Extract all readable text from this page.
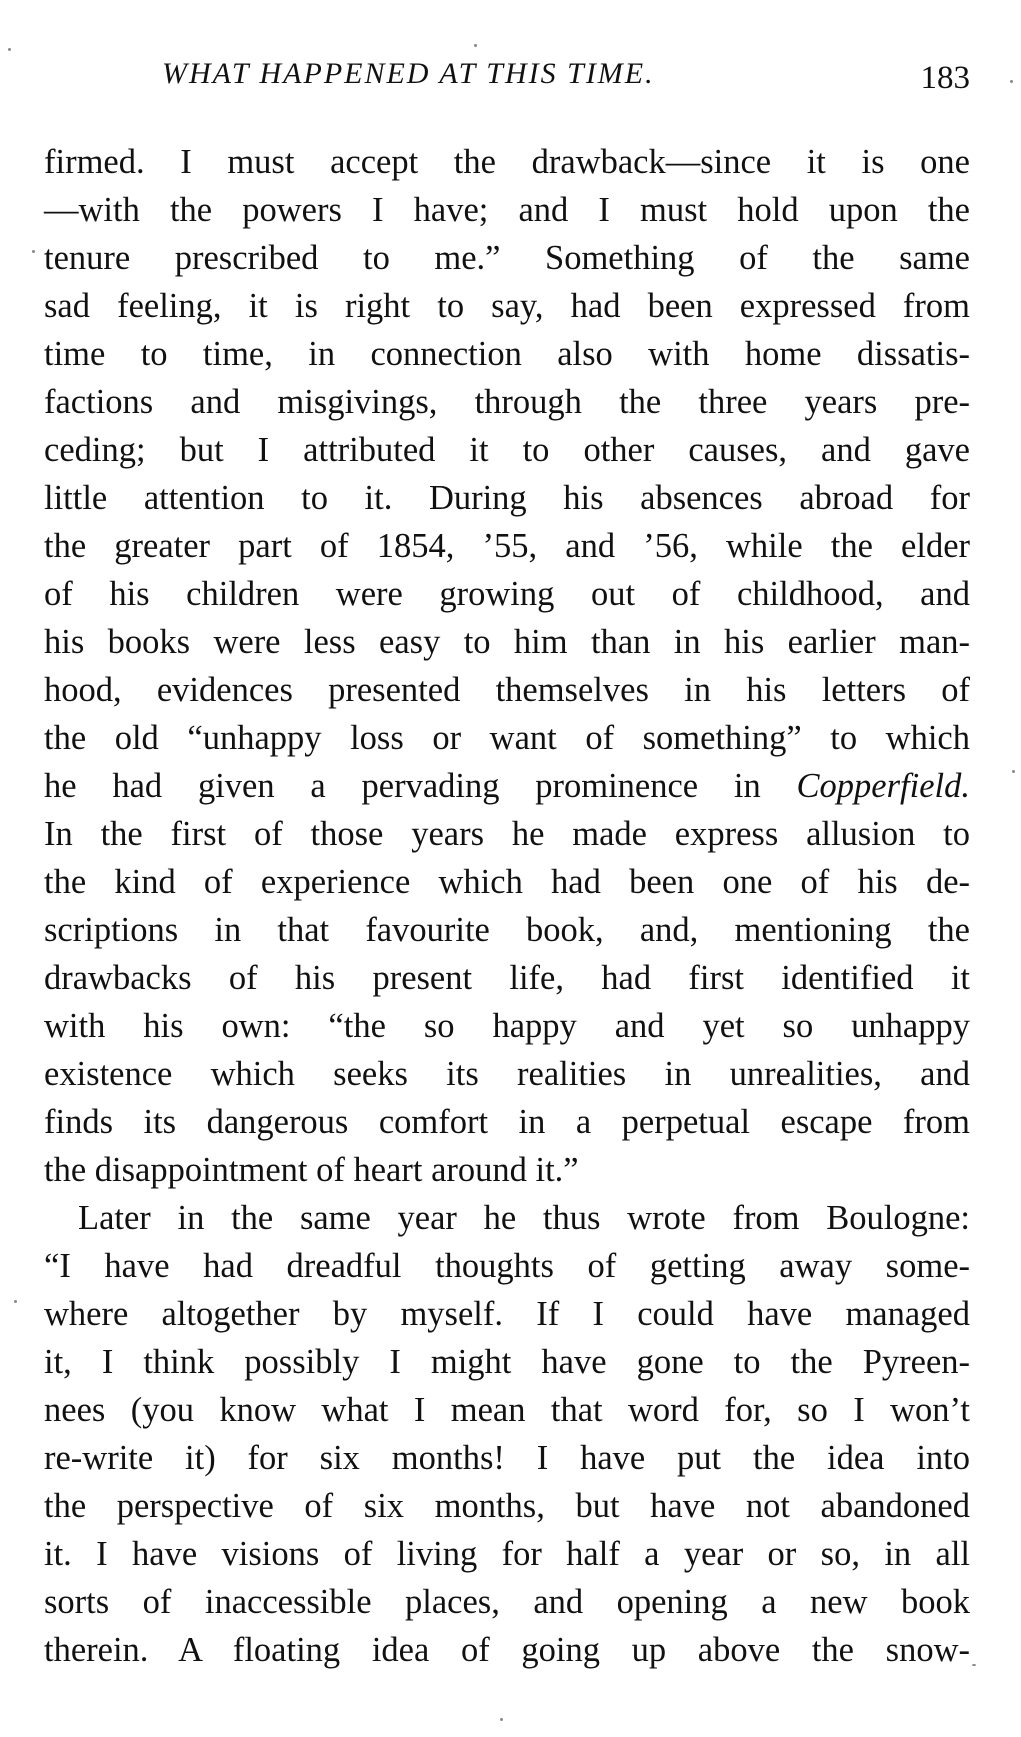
WHAT HAPPENED AT THIS TIME.	183
firmed. I must accept the drawback—since it is one
—with the powers I have; and I must hold upon the
tenure prescribed to me.” Something of the same
sad feeling, it is right to say, had been expressed from
time to time, in connection also with home dissatis-
factions and misgivings, through the three years pre-
ceding; but I attributed it to other causes, and gave
little attention to it. During his absences abroad for
the greater part of 1854, ’55, and ’56, while the elder
of his children were growing out of childhood, and
his books were less easy to him than in his earlier man-
hood, evidences presented themselves in his letters of
the old “unhappy loss or want of something” to which
he had given a pervading prominence in Copperfield.
In the first of those years he made express allusion to
the kind of experience which had been one of his de-
scriptions in that favourite book, and, mentioning the
drawbacks of his present life, had first identified it
with his own: “the so happy and yet so unhappy
existence which seeks its realities in unrealities, and
finds its dangerous comfort in a perpetual escape from
the disappointment of heart around it.”
Later in the same year he thus wrote from Boulogne:
“I have had dreadful thoughts of getting away some-
where altogether by myself. If I could have managed
it, I think possibly I might have gone to the Pyreen-
nees (you know what I mean that word for, so I won’t
re-write it) for six months! I have put the idea into
the perspective of six months, but have not abandoned
it. I have visions of living for half a year or so, in all
sorts of inaccessible places, and opening a new book
therein. A floating idea of going up above the snow-
